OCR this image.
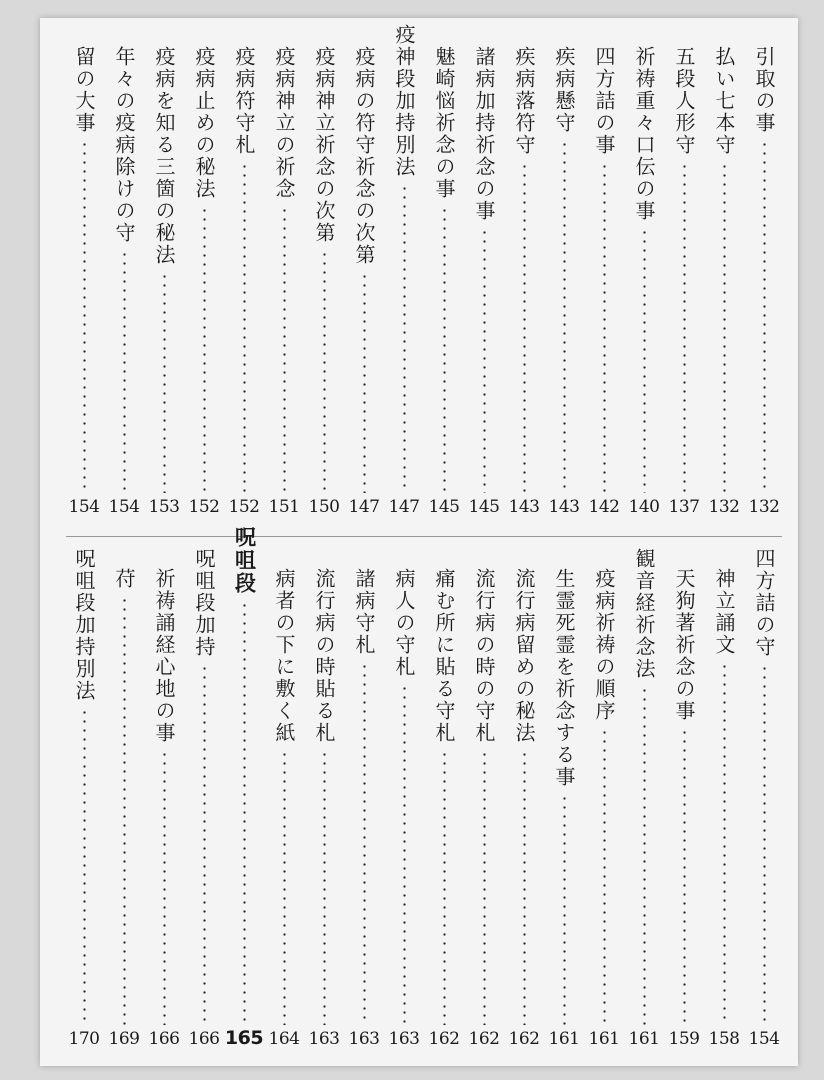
引取の事
132
払い七本守
132
五段人形守
137
祈祷重々口伝の事
140
四方詰の事
142
疾病懸守
143
疾病落符守
143
諸病加持祈念の事
145
魅崎悩祈念の事
145
疫神段加持別法
147
疫病の符守祈念の次第
147
疫病神立祈念の次第
150
疫病神立の祈念
151
疫病符守札
152
疫病止めの秘法
152
疫病を知る三箇の秘法
153
年々の疫病除けの守
154
留の大事
154
四方詰の守
154
神立誦文
158
天狗著祈念の事
159
観音経祈念法
161
疫病祈祷の順序
161
生霊死霊を祈念する事
161
流行病留めの秘法
162
流行病の時の守札
162
痛む所に貼る守札
162
病人の守札
163
諸病守札
163
流行病の時貼る札
163
病者の下に敷く紙
164
呪咀段
165
呪咀段加持
166
祈祷誦経心地の事
166
苻
169
呪咀段加持別法
170
